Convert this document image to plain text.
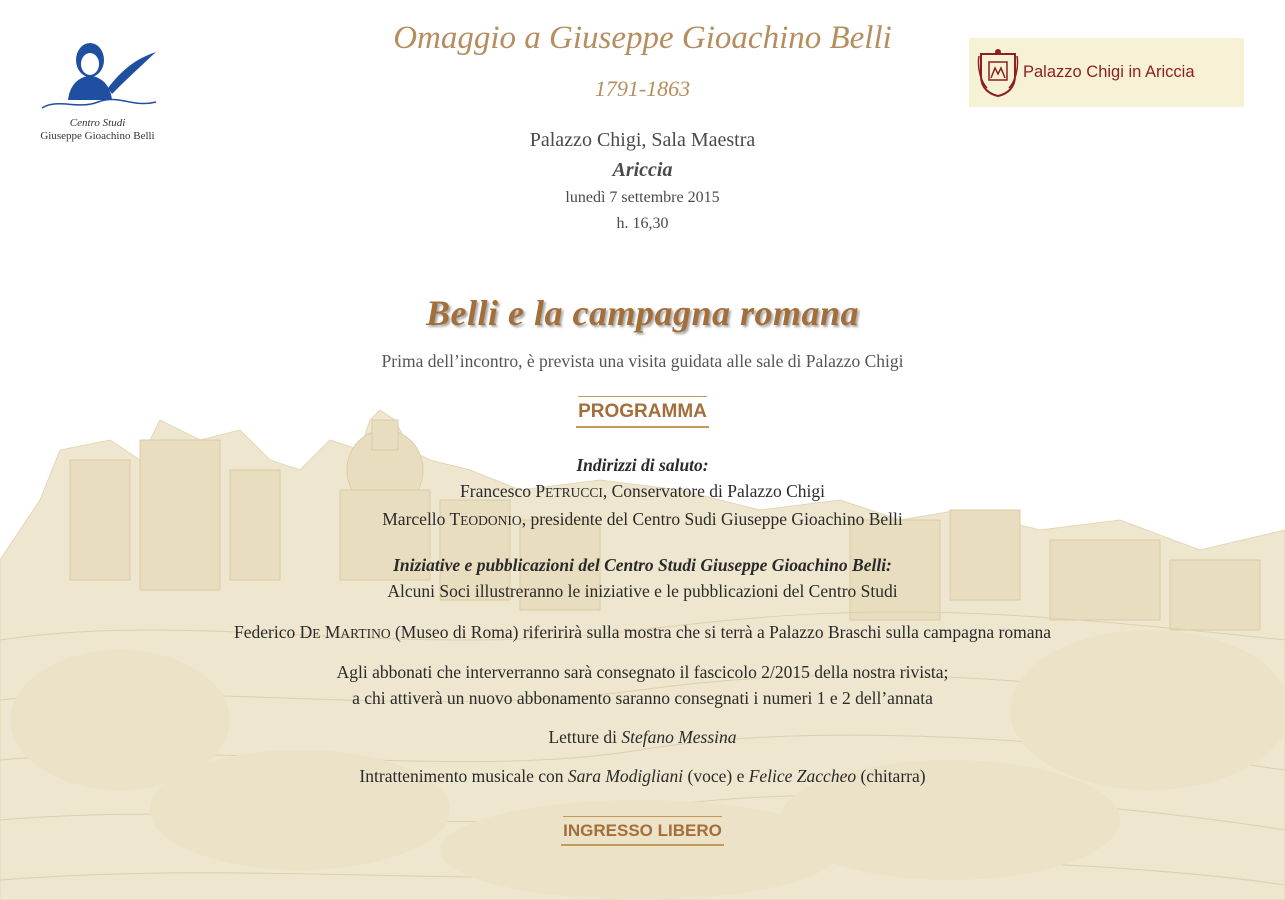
Centro Studi
Giuseppe Gioachino Belli
Palazzo Chigi in Ariccia
Omaggio a Giuseppe Gioachino Belli
1791-1863
Palazzo Chigi, Sala Maestra
Ariccia
lunedì 7 settembre 2015
h. 16,30
Belli e la campagna romana
Prima dell’incontro, è prevista una visita guidata alle sale di Palazzo Chigi
PROGRAMMA
Indirizzi di saluto:
Francesco PETRUCCI, Conservatore di Palazzo Chigi
Marcello TEODONIO, presidente del Centro Sudi Giuseppe Gioachino Belli
Iniziative e pubblicazioni del Centro Studi Giuseppe Gioachino Belli:
Alcuni Soci illustreranno le iniziative e le pubblicazioni del Centro Studi
Federico DE MARTINO (Museo di Roma) riferirirà sulla mostra che si terrà a Palazzo Braschi sulla campagna romana
Agli abbonati che interverranno sarà consegnato il fascicolo 2/2015 della nostra rivista;
a chi attiverà un nuovo abbonamento saranno consegnati i numeri 1 e 2 dell’annata
Letture di Stefano Messina
Intrattenimento musicale con Sara Modigliani (voce) e Felice Zaccheo (chitarra)
INGRESSO LIBERO
